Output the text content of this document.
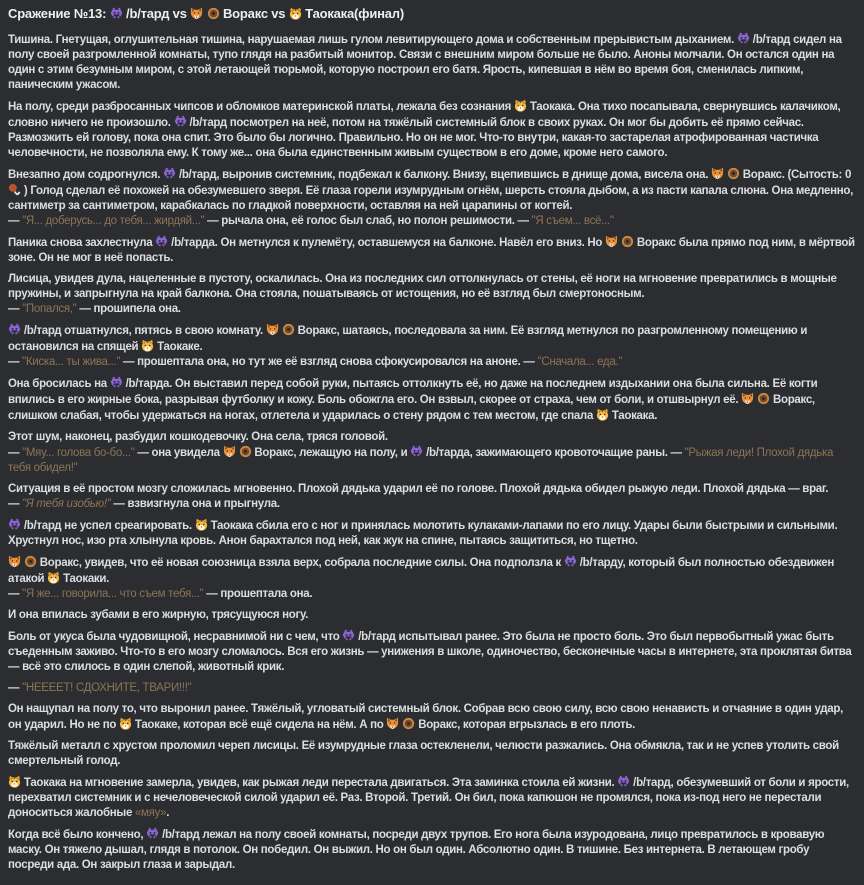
Сражение №13:
/b/тард vs

Воракс vs
Таокака(финал)

Тишина. Гнетущая, оглушительная тишина, нарушаемая лишь гулом левитирующего дома и собственным прерывистым дыханием.
/b/тард сидел на полу своей разгромленной комнаты, тупо глядя на разбитый монитор. Связи с внешним миром больше не было. Аноны молчали. Он остался один на один с этим безумным миром, с этой летающей тюрьмой, которую построил его батя. Ярость, кипевшая в нём во время боя, сменилась липким, паническим ужасом.

На полу, среди разбросанных чипсов и обломков материнской платы, лежала без сознания
Таокака. Она тихо посапывала, свернувшись калачиком, словно ничего не произошло.
/b/тард посмотрел на неё, потом на тяжёлый системный блок в своих руках. Он мог бы добить её прямо сейчас. Размозжить ей голову, пока она спит. Это было бы логично. Правильно. Но он не мог. Что-то внутри, какая-то застарелая атрофированная частичка человечности, не позволяла ему. К тому же... она была единственным живым существом в его доме, кроме него самого.

Внезапно дом содрогнулся.
/b/тард, выронив системник, подбежал к балкону. Внизу, вцепившись в днище дома, висела она.
	Воракс. (Сытость: 0
) Голод сделал её похожей на обезумевшего зверя. Её глаза горели изумрудным огнём, шерсть стояла дыбом, а из пасти капала слюна. Она медленно, сантиметр за сантиметром, карабкалась по гладкой поверхности, оставляя на ней царапины от когтей.
— "Я... доберусь... до тебя... жирдяй..." — рычала она, её голос был слаб, но полон решимости. — "Я съем... всё..."

Паника снова захлестнула
/b/тарда. Он метнулся к пулемёту, оставшемуся на балконе. Навёл его вниз. Но
	Воракс была прямо под ним, в мёртвой зоне. Он не мог в неё попасть.

Лисица, увидев дула, нацеленные в пустоту, оскалилась. Она из последних сил оттолкнулась от стены, её ноги на мгновение превратились в мощные пружины, и запрыгнула на край балкона. Она стояла, пошатываясь от истощения, но её взгляд был смертоносным.
— "Попался," — прошипела она.

/b/тард отшатнулся, пятясь в свою комнату.
	Воракс, шатаясь, последовала за ним. Её взгляд метнулся по разгромленному помещению и остановился на спящей
Таокаке.
— "Киска... ты жива..." — прошептала она, но тут же её взгляд снова сфокусировался на аноне. — "Сначала... еда."

Она бросилась на
/b/тарда. Он выставил перед собой руки, пытаясь оттолкнуть её, но даже на последнем издыхании она была сильна. Её когти впились в его жирные бока, разрывая футболку и кожу. Боль обожгла его. Он взвыл, скорее от страха, чем от боли, и отшвырнул её.
	Воракс, слишком слабая, чтобы удержаться на ногах, отлетела и ударилась о стену рядом с тем местом, где спала
Таокака.

Этот шум, наконец, разбудил кошкодевочку. Она села, тряся головой.
— "Мяу... голова бо-бо..." — она увидела
	Воракс, лежащую на полу, и
/b/тарда, зажимающего кровоточащие раны. — "Рыжая леди! Плохой дядька тебя обидел!"

Ситуация в её простом мозгу сложилась мгновенно. Плохой дядька ударил её по голове. Плохой дядька обидел рыжую леди. Плохой дядька — враг.
— "Я тебя изобью!" — взвизгнула она и прыгнула.

/b/тард не успел среагировать.
Таокака сбила его с ног и принялась молотить кулаками-лапами по его лицу. Удары были быстрыми и сильными. Хрустнул нос, изо рта хлынула кровь. Анон барахтался под ней, как жук на спине, пытаясь защититься, но тщетно.

Воракс, увидев, что её новая союзница взяла верх, собрала последние силы. Она подползла к
/b/тарду, который был полностью обездвижен атакой
Таокаки.
— "Я же... говорила... что съем тебя..." — прошептала она.

И она впилась зубами в его жирную, трясущуюся ногу.

Боль от укуса была чудовищной, несравнимой ни с чем, что
/b/тард испытывал ранее. Это была не просто боль. Это был первобытный ужас быть съеденным заживо. Что-то в его мозгу сломалось. Вся его жизнь — унижения в школе, одиночество, бесконечные часы в интернете, эта проклятая битва — всё это слилось в один слепой, животный крик.

— "НЕЕЕЕТ! СДОХНИТЕ, ТВАРИ!!!"

Он нащупал на полу то, что выронил ранее. Тяжёлый, угловатый системный блок. Собрав всю свою силу, всю свою ненависть и отчаяние в один удар, он ударил. Но не по
Таокаке, которая всё ещё сидела на нём. А по
	Воракс, которая вгрызлась в его плоть.

Тяжёлый металл с хрустом проломил череп лисицы. Её изумрудные глаза остекленели, челюсти разжались. Она обмякла, так и не успев утолить свой смертельный голод.

Таокака на мгновение замерла, увидев, как рыжая леди перестала двигаться. Эта заминка стоила ей жизни.
/b/тард, обезумевший от боли и ярости, перехватил системник и с нечеловеческой силой ударил её. Раз. Второй. Третий. Он бил, пока капюшон не промялся, пока из-под него не перестали доноситься жалобные «мяу».

Когда всё было кончено,
/b/тард лежал на полу своей комнаты, посреди двух трупов. Его нога была изуродована, лицо превратилось в кровавую маску. Он тяжело дышал, глядя в потолок. Он победил. Он выжил. Но он был один. Абсолютно один. В тишине. Без интернета. В летающем гробу посреди ада. Он закрыл глаза и зарыдал.
